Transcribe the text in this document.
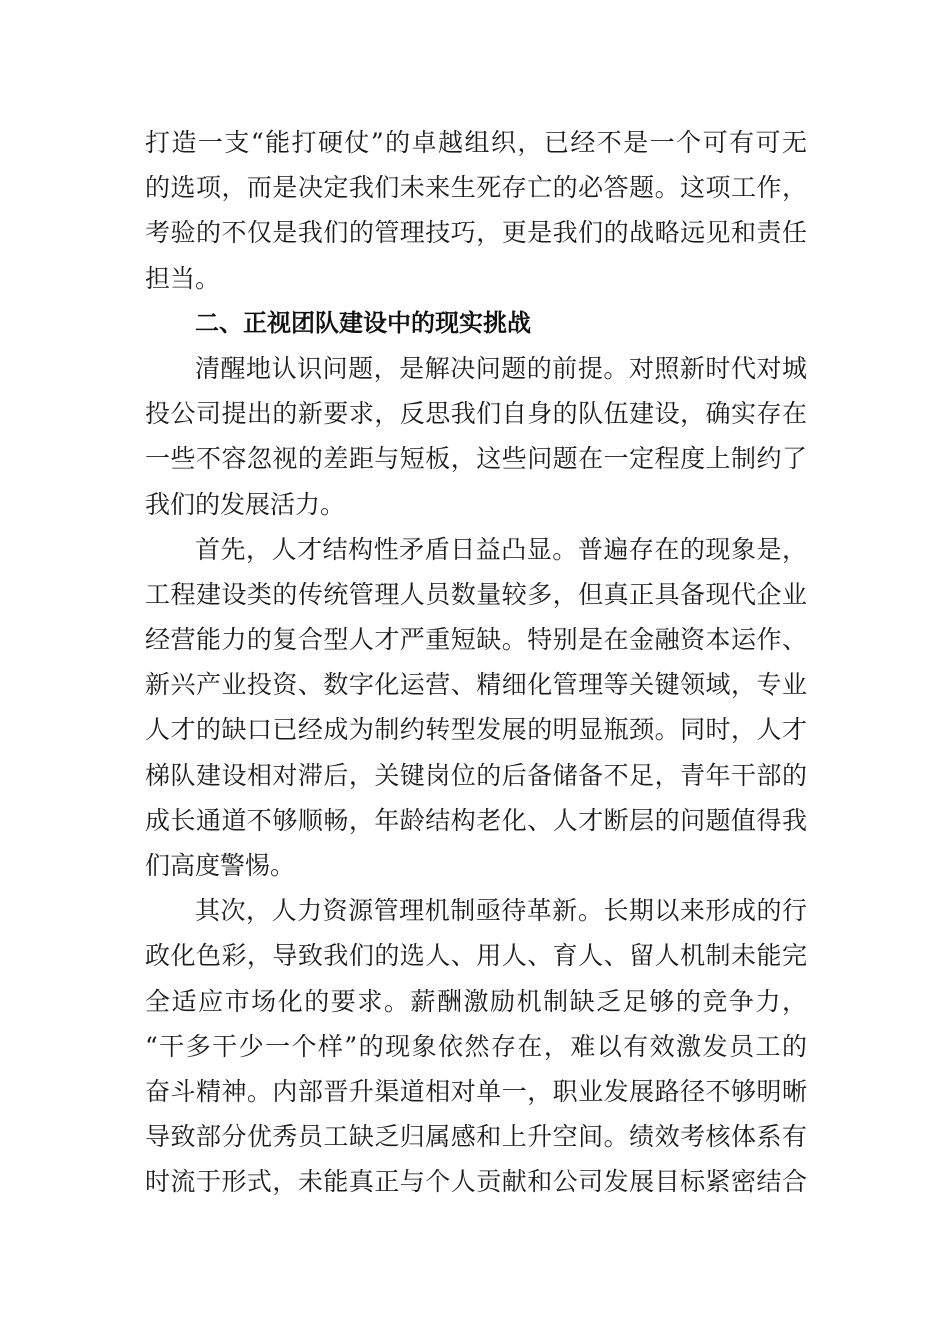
打造一支“能打硬仗”的卓越组织，已经不是一个可有可无
的选项，而是决定我们未来生死存亡的必答题。这项工作，
考验的不仅是我们的管理技巧，更是我们的战略远见和责任
担当。
二、正视团队建设中的现实挑战
清醒地认识问题，是解决问题的前提。对照新时代对城
投公司提出的新要求，反思我们自身的队伍建设，确实存在
一些不容忽视的差距与短板，这些问题在一定程度上制约了
我们的发展活力。
首先，人才结构性矛盾日益凸显。普遍存在的现象是，
工程建设类的传统管理人员数量较多，但真正具备现代企业
经营能力的复合型人才严重短缺。特别是在金融资本运作、
新兴产业投资、数字化运营、精细化管理等关键领域，专业
人才的缺口已经成为制约转型发展的明显瓶颈。同时，人才
梯队建设相对滞后，关键岗位的后备储备不足，青年干部的
成长通道不够顺畅，年龄结构老化、人才断层的问题值得我
们高度警惕。
其次，人力资源管理机制亟待革新。长期以来形成的行
政化色彩，导致我们的选人、用人、育人、留人机制未能完
全适应市场化的要求。薪酬激励机制缺乏足够的竞争力，
“干多干少一个样”的现象依然存在，难以有效激发员工的
奋斗精神。内部晋升渠道相对单一，职业发展路径不够明晰
导致部分优秀员工缺乏归属感和上升空间。绩效考核体系有
时流于形式，未能真正与个人贡献和公司发展目标紧密结合
